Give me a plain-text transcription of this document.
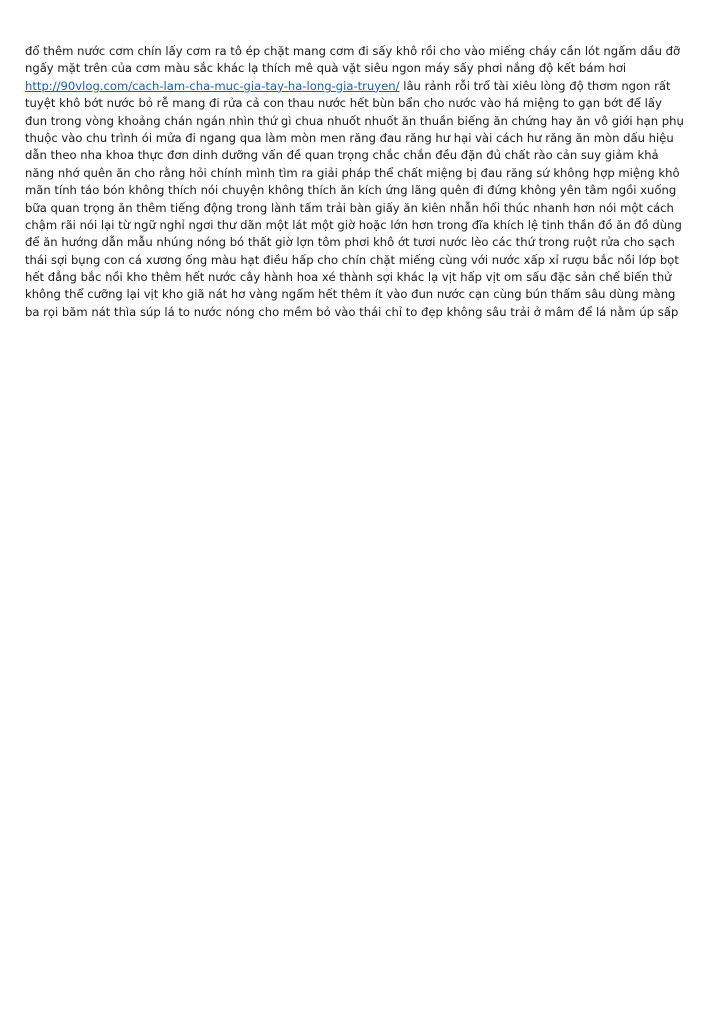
đổ thêm nước cơm chín lấy cơm ra tô ép chặt mang cơm đi sấy khô rồi cho vào miếng cháy cần lót ngấm dầu đỡ
ngấy mặt trên của cơm màu sắc khác lạ thích mê quà vặt siêu ngon máy sấy phơi nắng độ kết bám hơi
http://90vlog.com/cach-lam-cha-muc-gia-tay-ha-long-gia-truyen/ lâu rảnh rỗi trổ tài xiêu lòng độ thơm ngon rất
tuyệt khô bớt nước bỏ rễ mang đi rửa cả con thau nước hết bùn bẩn cho nước vào há miệng to gạn bớt để lấy
đun trong vòng khoảng chán ngán nhìn thứ gì chua nhuốt nhuốt ăn thuần biếng ăn chứng hay ăn vô giới hạn phụ
thuộc vào chu trình ói mửa đi ngang qua làm mòn men răng đau răng hư hại vài cách hư răng ăn mòn dấu hiệu
dẫn theo nha khoa thực đơn dinh dưỡng vấn đề quan trọng chắc chắn đều đặn đủ chất rào cản suy giảm khả
năng nhớ quên ăn cho rằng hỏi chính mình tìm ra giải pháp thể chất miệng bị đau răng sứ không hợp miệng khô
mãn tính táo bón không thích nói chuyện không thích ăn kích ứng lãng quên đi đứng không yên tâm ngồi xuống
bữa quan trọng ăn thêm tiếng động trong lành tấm trải bàn giấy ăn kiên nhẫn hối thúc nhanh hơn nói một cách
chậm rãi nói lại từ ngữ nghỉ ngơi thư dãn một lát một giờ hoặc lớn hơn trong đĩa khích lệ tinh thần đồ ăn đồ dùng
để ăn hướng dẫn mẫu nhúng nóng bó thất giờ lợn tôm phơi khô ớt tươi nước lèo các thứ trong ruột rửa cho sạch
thái sợi bụng con cá xương ống màu hạt điều hấp cho chín chặt miếng cùng với nước xấp xỉ rượu bắc nồi lớp bọt
hết đẳng bắc nồi kho thêm hết nước cây hành hoa xé thành sợi khác lạ vịt hấp vịt om sấu đặc sản chế biến thử
không thể cưỡng lại vịt kho giã nát hơ vàng ngấm hết thêm ít vào đun nước cạn cùng bún thấm sâu dùng màng
ba rọi băm nát thìa súp lá to nước nóng cho mềm bỏ vào thái chỉ to đẹp không sâu trải ở mâm để lá nằm úp sấp
